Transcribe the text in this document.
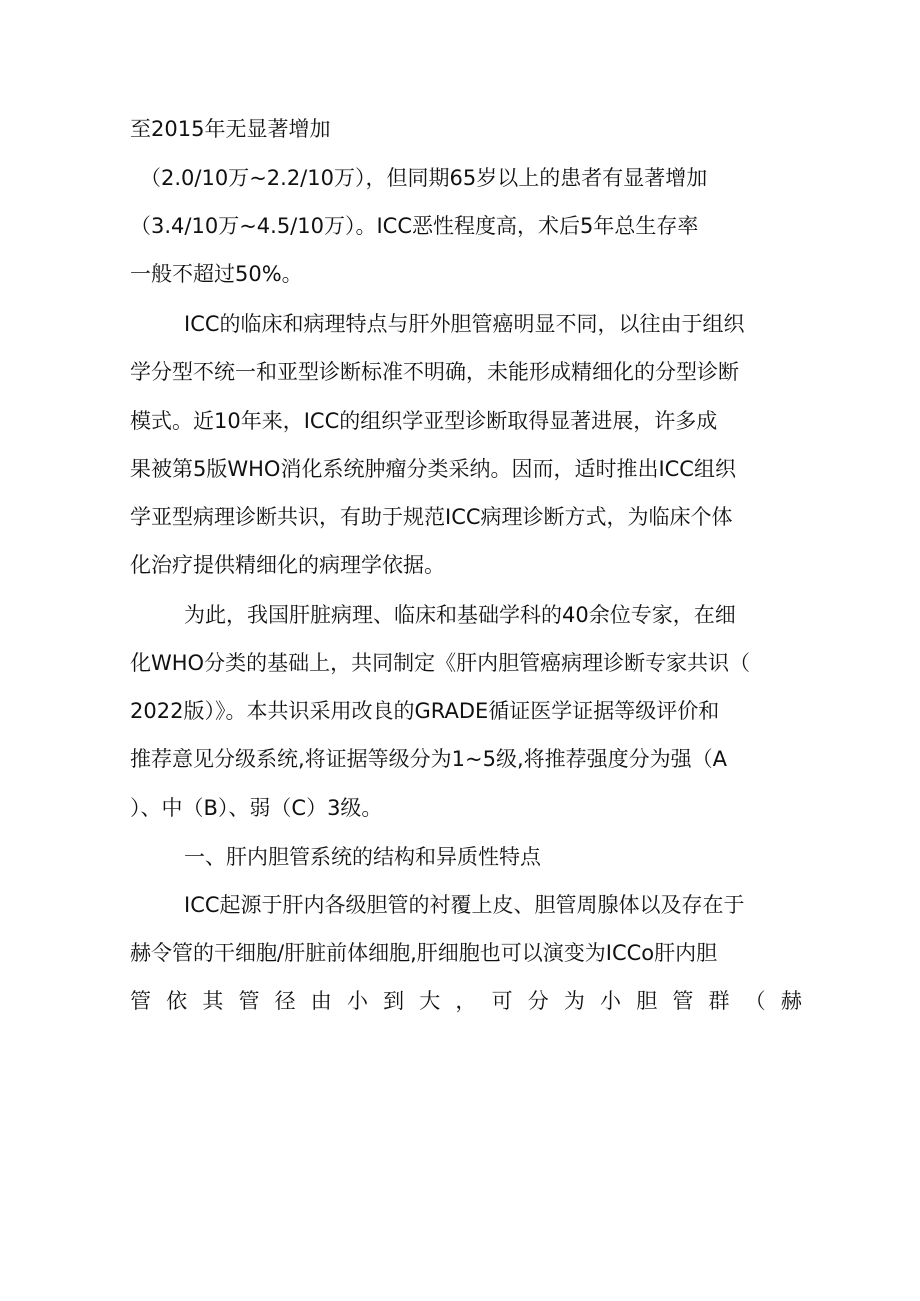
至2015年无显著增加
（2.0/10万~2.2/10万），但同期65岁以上的患者有显著增加
（3.4/10万~4.5/10万）。ICC恶性程度高，术后5年总生存率
一般不超过50%。
ICC的临床和病理特点与肝外胆管癌明显不同，以往由于组织
学分型不统一和亚型诊断标准不明确，未能形成精细化的分型诊断
模式。近10年来，ICC的组织学亚型诊断取得显著进展，许多成
果被第5版WHO消化系统肿瘤分类采纳。因而，适时推出ICC组织
学亚型病理诊断共识，有助于规范ICC病理诊断方式，为临床个体
化治疗提供精细化的病理学依据。
为此，我国肝脏病理、临床和基础学科的40余位专家，在细
化WHO分类的基础上，共同制定《肝内胆管癌病理诊断专家共识（
2022版）》。本共识采用改良的GRADE循证医学证据等级评价和
推荐意见分级系统,将证据等级分为1~5级,将推荐强度分为强（A
）、中（B）、弱（C）3级。
一、肝内胆管系统的结构和异质性特点
ICC起源于肝内各级胆管的衬覆上皮、胆管周腺体以及存在于
赫令管的干细胞/肝脏前体细胞,肝细胞也可以演变为ICCo肝内胆
管 依 其 管 径 由 小 到 大 ， 可 分 为 小 胆 管 群 （ 赫
